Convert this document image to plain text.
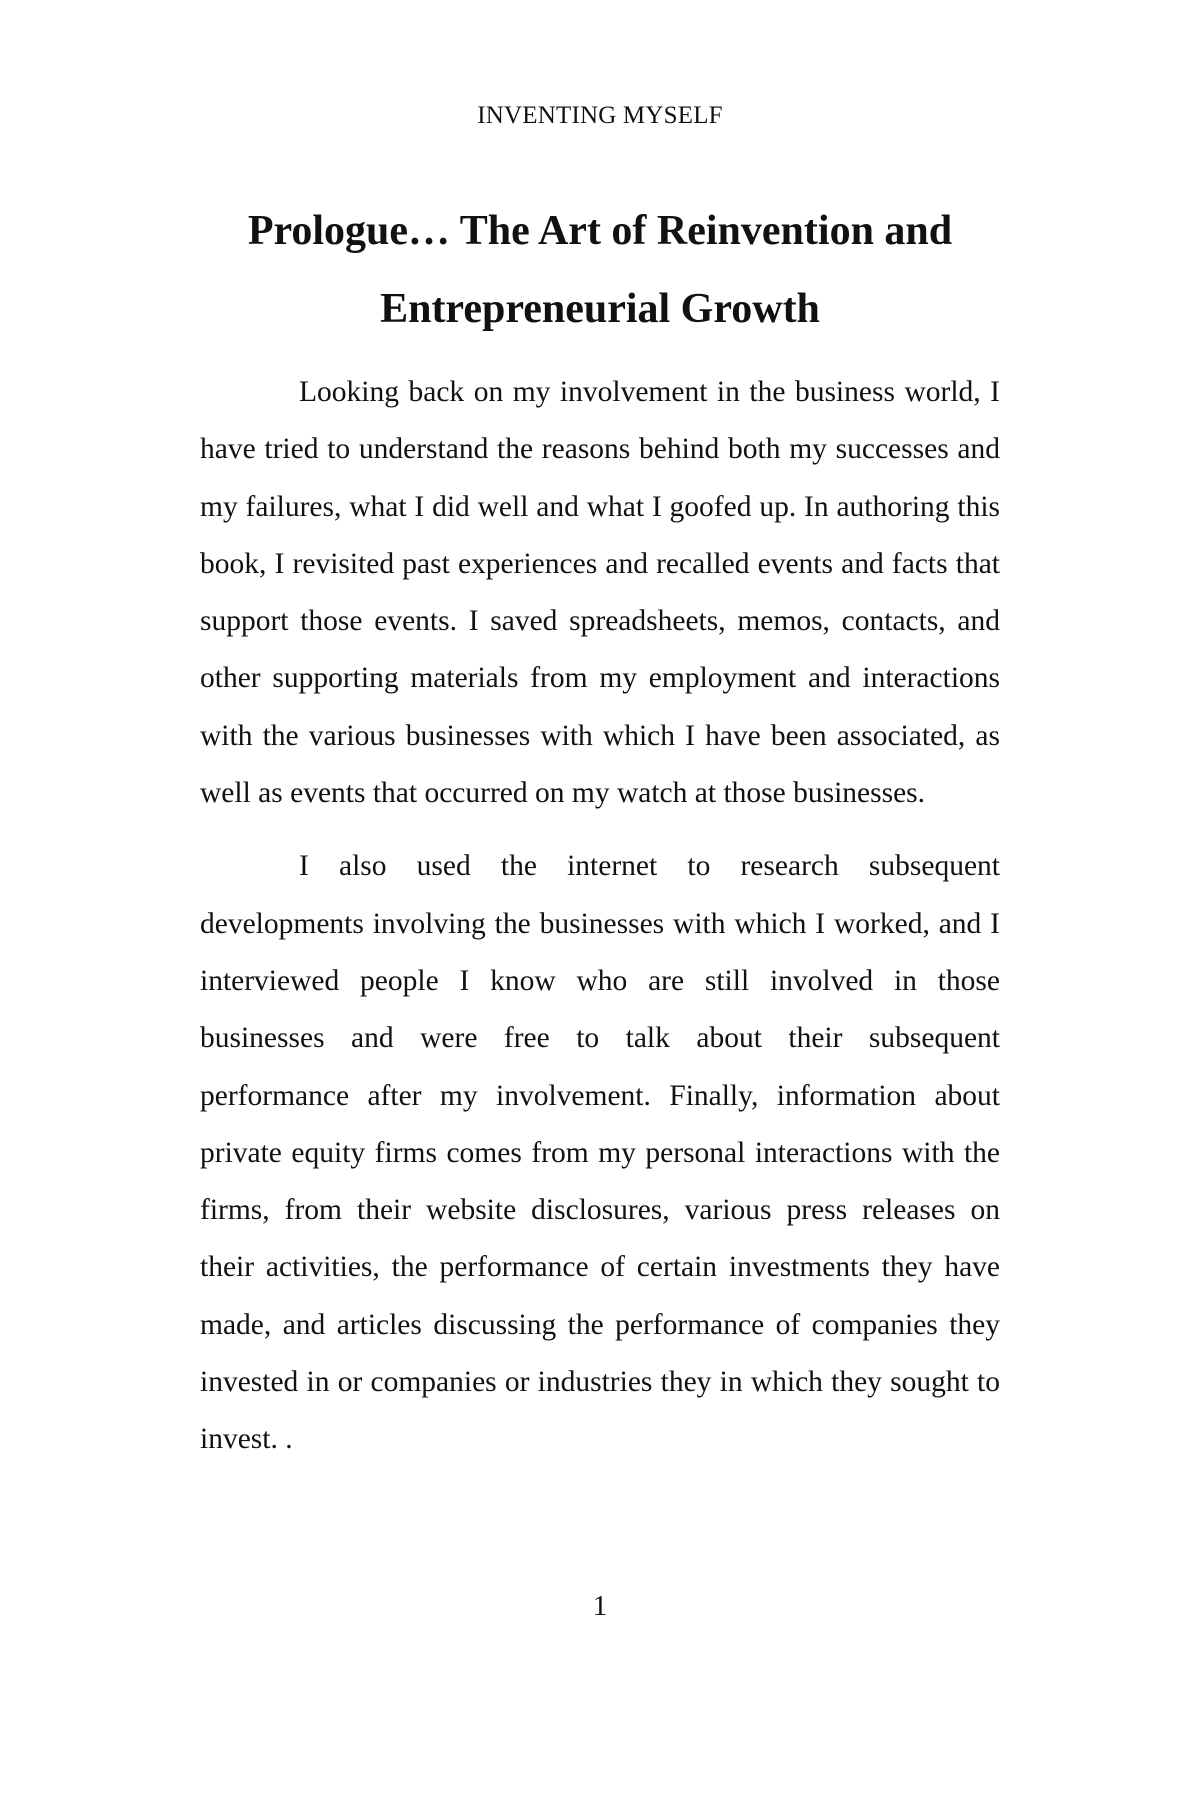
INVENTING MYSELF
Prologue… The Art of Reinvention and Entrepreneurial Growth

Looking back on my involvement in the business world, I have tried to understand the reasons behind both my successes and my failures, what I did well and what I goofed up. In authoring this book, I revisited past experiences and recalled events and facts that support those events. I saved spreadsheets, memos, contacts, and other supporting materials from my employment and interactions with the various businesses with which I have been associated, as well as events that occurred on my watch at those businesses.

I also used the internet to research subsequent developments involving the businesses with which I worked, and I interviewed people I know who are still involved in those businesses and were free to talk about their subsequent performance after my involvement. Finally, information about private equity firms comes from my personal interactions with the firms, from their website disclosures, various press releases on their activities, the performance of certain investments they have made, and articles discussing the performance of companies they invested in or companies or industries they in which they sought to invest. .

1
